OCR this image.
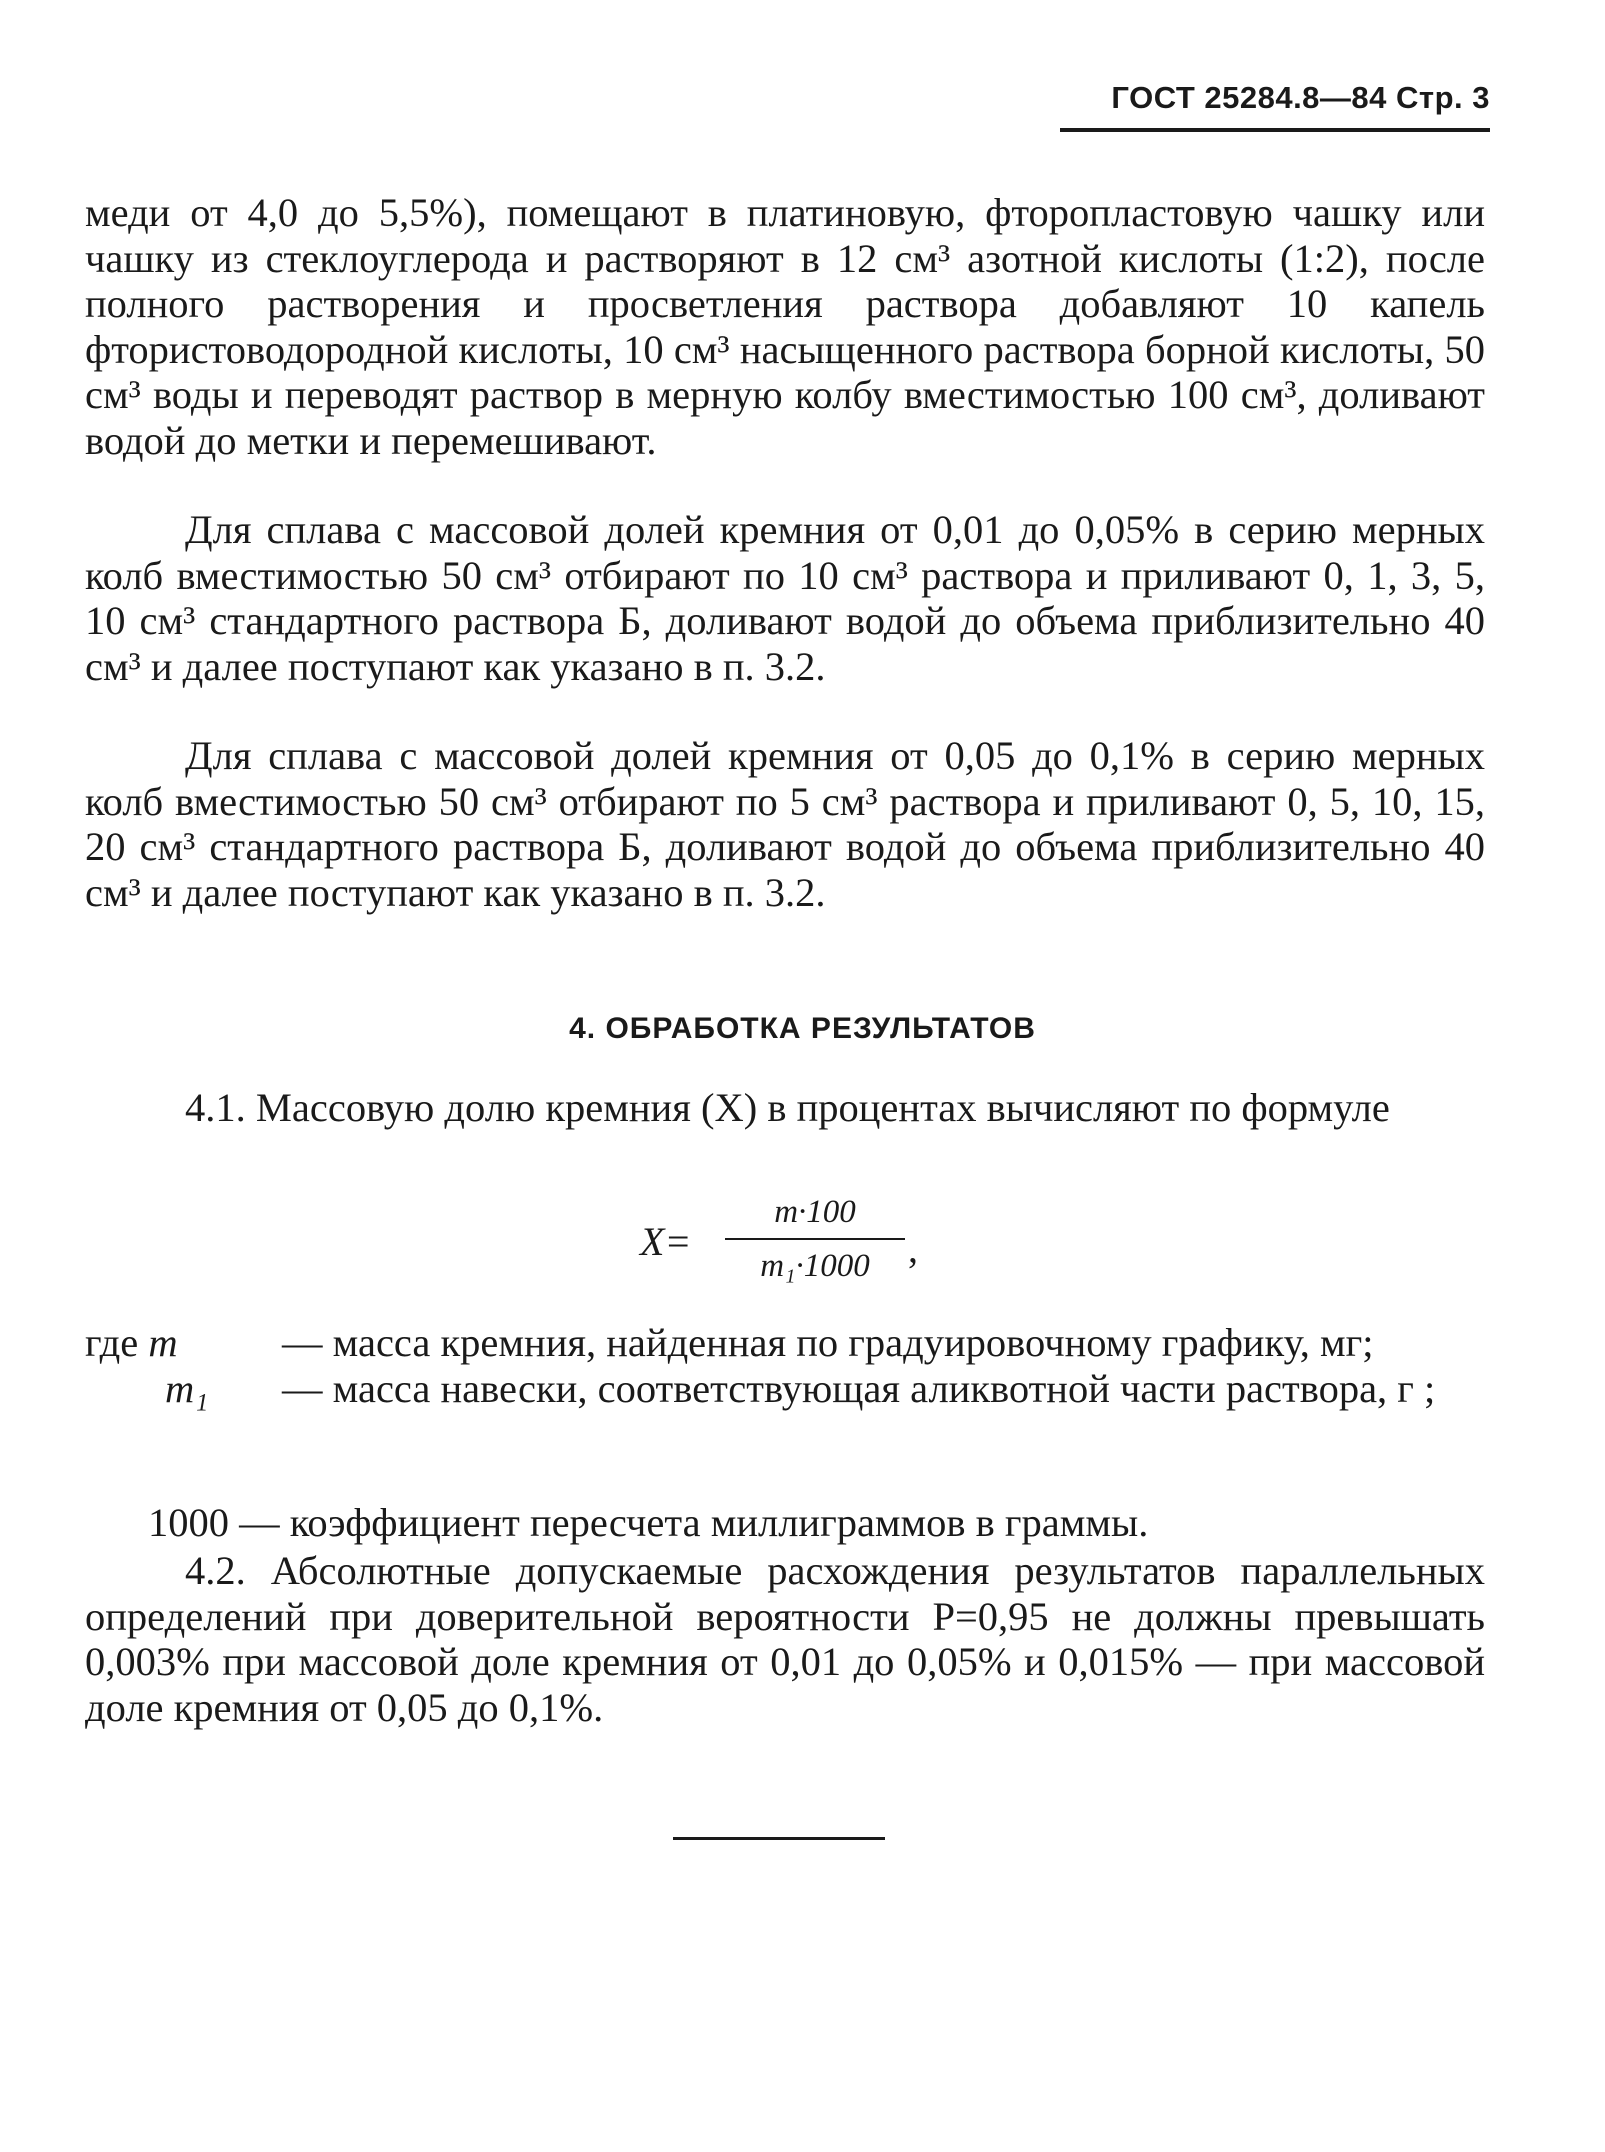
ГОСТ 25284.8—84 Стр. 3

меди от 4,0 до 5,5%), помещают в платиновую, фторопластовую чашку или чашку из стеклоуглерода и растворяют в 12 см³ азотной кислоты (1:2), после полного растворения и просветления раствора добавляют 10 капель фтористоводородной кислоты, 10 см³ насыщенного раствора борной кислоты, 50 см³ воды и переводят раствор в мерную колбу вместимостью 100 см³, доливают водой до метки и перемешивают.

Для сплава с массовой долей кремния от 0,01 до 0,05% в серию мерных колб вместимостью 50 см³ отбирают по 10 см³ раствора и приливают 0, 1, 3, 5, 10 см³ стандартного раствора Б, доливают водой до объема приблизительно 40 см³ и далее поступают как указано в п. 3.2.

Для сплава с массовой долей кремния от 0,05 до 0,1% в серию мерных колб вместимостью 50 см³ отбирают по 5 см³ раствора и приливают 0, 5, 10, 15, 20 см³ стандартного раствора Б, доливают водой до объема приблизительно 40 см³ и далее поступают как указано в п. 3.2.

4. ОБРАБОТКА РЕЗУЛЬТАТОВ

4.1. Массовую долю кремния (X) в процентах вычисляют по формуле

X=
m·100
m₁·1000 ,
где m	— масса кремния, найденная по градуировочному графику, мг;
m₁ — масса навески, соответствующая аликвотной части раствора, г ;
1000 — коэффициент пересчета миллиграммов в граммы.

4.2. Абсолютные допускаемые расхождения результатов параллельных определений при доверительной вероятности P=0,95 не должны превышать 0,003% при массовой доле кремния от 0,01 до 0,05% и 0,015% — при массовой доле кремния от 0,05 до 0,1%.
